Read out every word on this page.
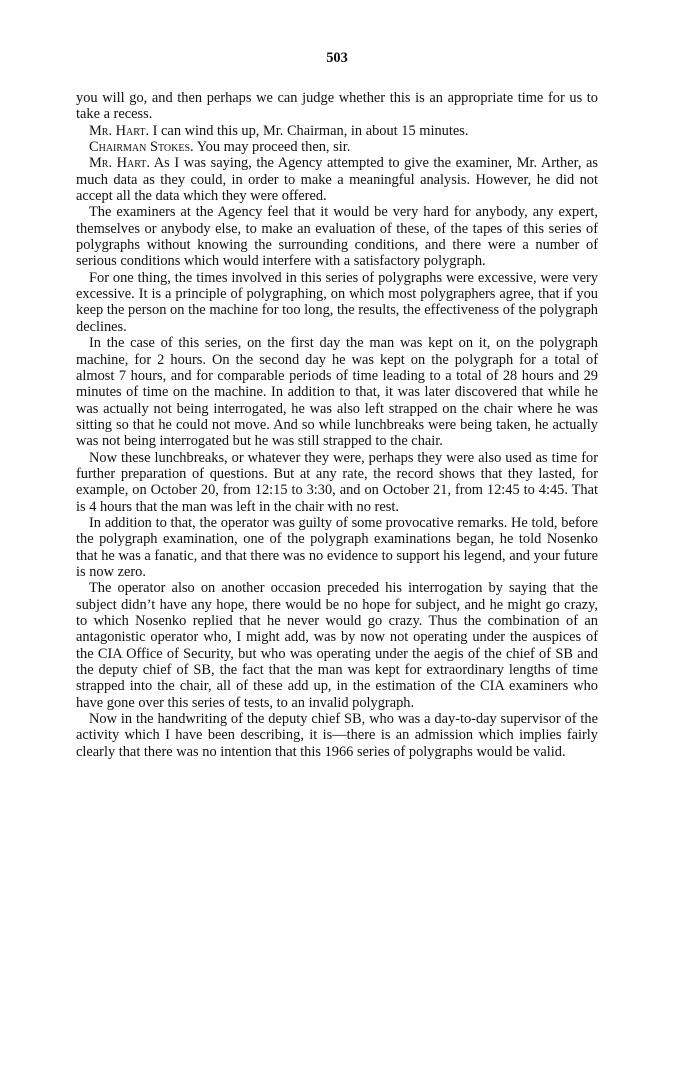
503

you will go, and then perhaps we can judge whether this is an appropriate time for us to take a recess.

Mr. Hart. I can wind this up, Mr. Chairman, in about 15 minutes.

Chairman Stokes. You may proceed then, sir.

Mr. Hart. As I was saying, the Agency attempted to give the examiner, Mr. Arther, as much data as they could, in order to make a meaningful analysis. However, he did not accept all the data which they were offered.

The examiners at the Agency feel that it would be very hard for anybody, any expert, themselves or anybody else, to make an evaluation of these, of the tapes of this series of polygraphs without knowing the surrounding conditions, and there were a number of serious conditions which would interfere with a satisfactory polygraph.

For one thing, the times involved in this series of polygraphs were excessive, were very excessive. It is a principle of polygraphing, on which most polygraphers agree, that if you keep the person on the machine for too long, the results, the effectiveness of the polygraph declines.

In the case of this series, on the first day the man was kept on it, on the polygraph machine, for 2 hours. On the second day he was kept on the polygraph for a total of almost 7 hours, and for comparable periods of time leading to a total of 28 hours and 29 minutes of time on the machine. In addition to that, it was later discovered that while he was actually not being interrogated, he was also left strapped on the chair where he was sitting so that he could not move. And so while lunchbreaks were being taken, he actually was not being interrogated but he was still strapped to the chair.

Now these lunchbreaks, or whatever they were, perhaps they were also used as time for further preparation of questions. But at any rate, the record shows that they lasted, for example, on October 20, from 12:15 to 3:30, and on October 21, from 12:45 to 4:45. That is 4 hours that the man was left in the chair with no rest.

In addition to that, the operator was guilty of some provocative remarks. He told, before the polygraph examination, one of the polygraph examinations began, he told Nosenko that he was a fanatic, and that there was no evidence to support his legend, and your future is now zero.

The operator also on another occasion preceded his interrogation by saying that the subject didn’t have any hope, there would be no hope for subject, and he might go crazy, to which Nosenko replied that he never would go crazy. Thus the combination of an antagonistic operator who, I might add, was by now not operating under the auspices of the CIA Office of Security, but who was operating under the aegis of the chief of SB and the deputy chief of SB, the fact that the man was kept for extraordinary lengths of time strapped into the chair, all of these add up, in the estimation of the CIA examiners who have gone over this series of tests, to an invalid polygraph.

Now in the handwriting of the deputy chief SB, who was a day-to-day supervisor of the activity which I have been describing, it is—there is an admission which implies fairly clearly that there was no intention that this 1966 series of polygraphs would be valid.
